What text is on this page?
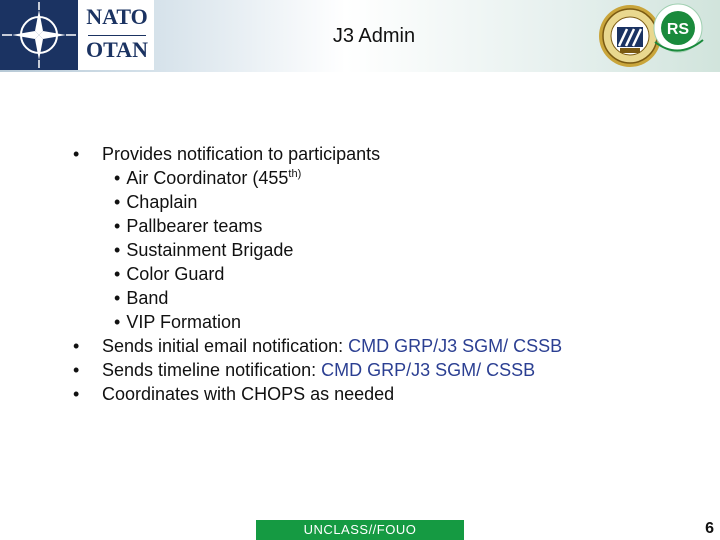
NATO
OTAN
J3 Admin	RS
• Provides notification to participants
• Air Coordinator ($455^{th)}$
• Chaplain
• Pallbearer teams
• Sustainment Brigade
• Color Guard
• Band
• VIP Formation
• Sends initial email notification: CMD GRP/J3 SGM/ CSSB
• Sends timeline notification: CMD GRP/J3 SGM/ CSSB
• Coordinates with CHOPS as needed
UNCLASS//FOUO	6
